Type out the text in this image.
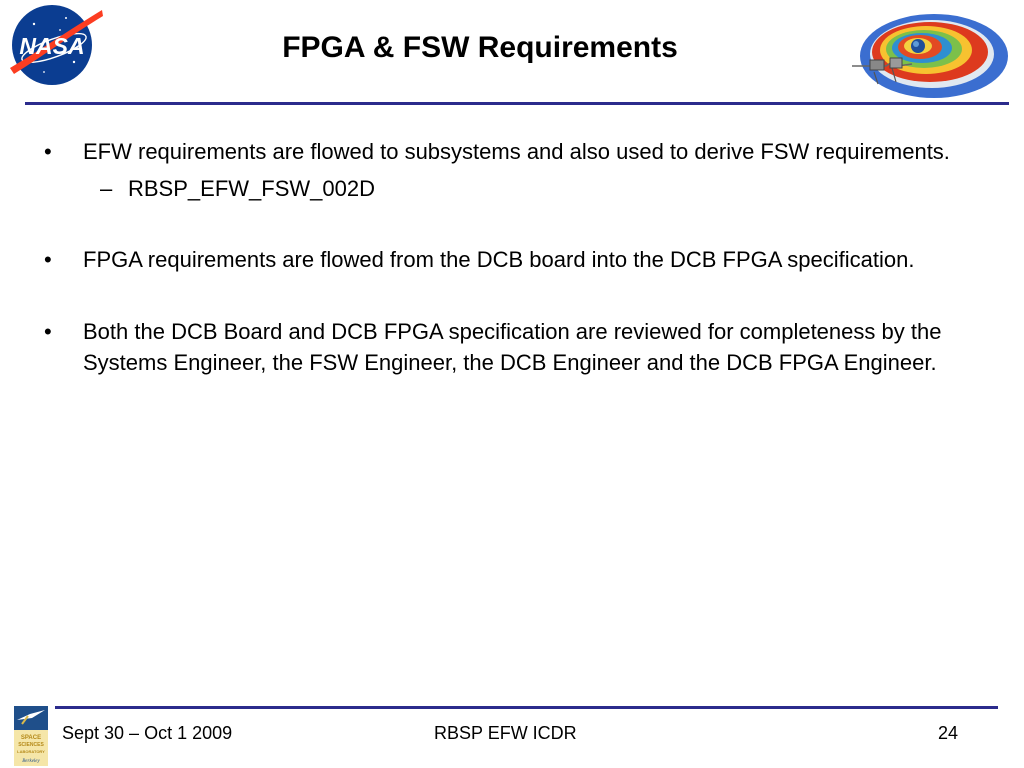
NASA	FPGA & FSW Requirements
• EFW requirements are flowed to subsystems and also used to derive FSW requirements.
– RBSP_EFW_FSW_002D
• FPGA requirements are flowed from the DCB board into the DCB FPGA specification.
• Both the DCB Board and DCB FPGA specification are reviewed for completeness by the Systems Engineer, the FSW Engineer, the DCB Engineer and the DCB FPGA Engineer.
SPACE
SCIENCES
LABORATORY
Berkeley
Sept 30 – Oct 1 2009	RBSP EFW ICDR	24
